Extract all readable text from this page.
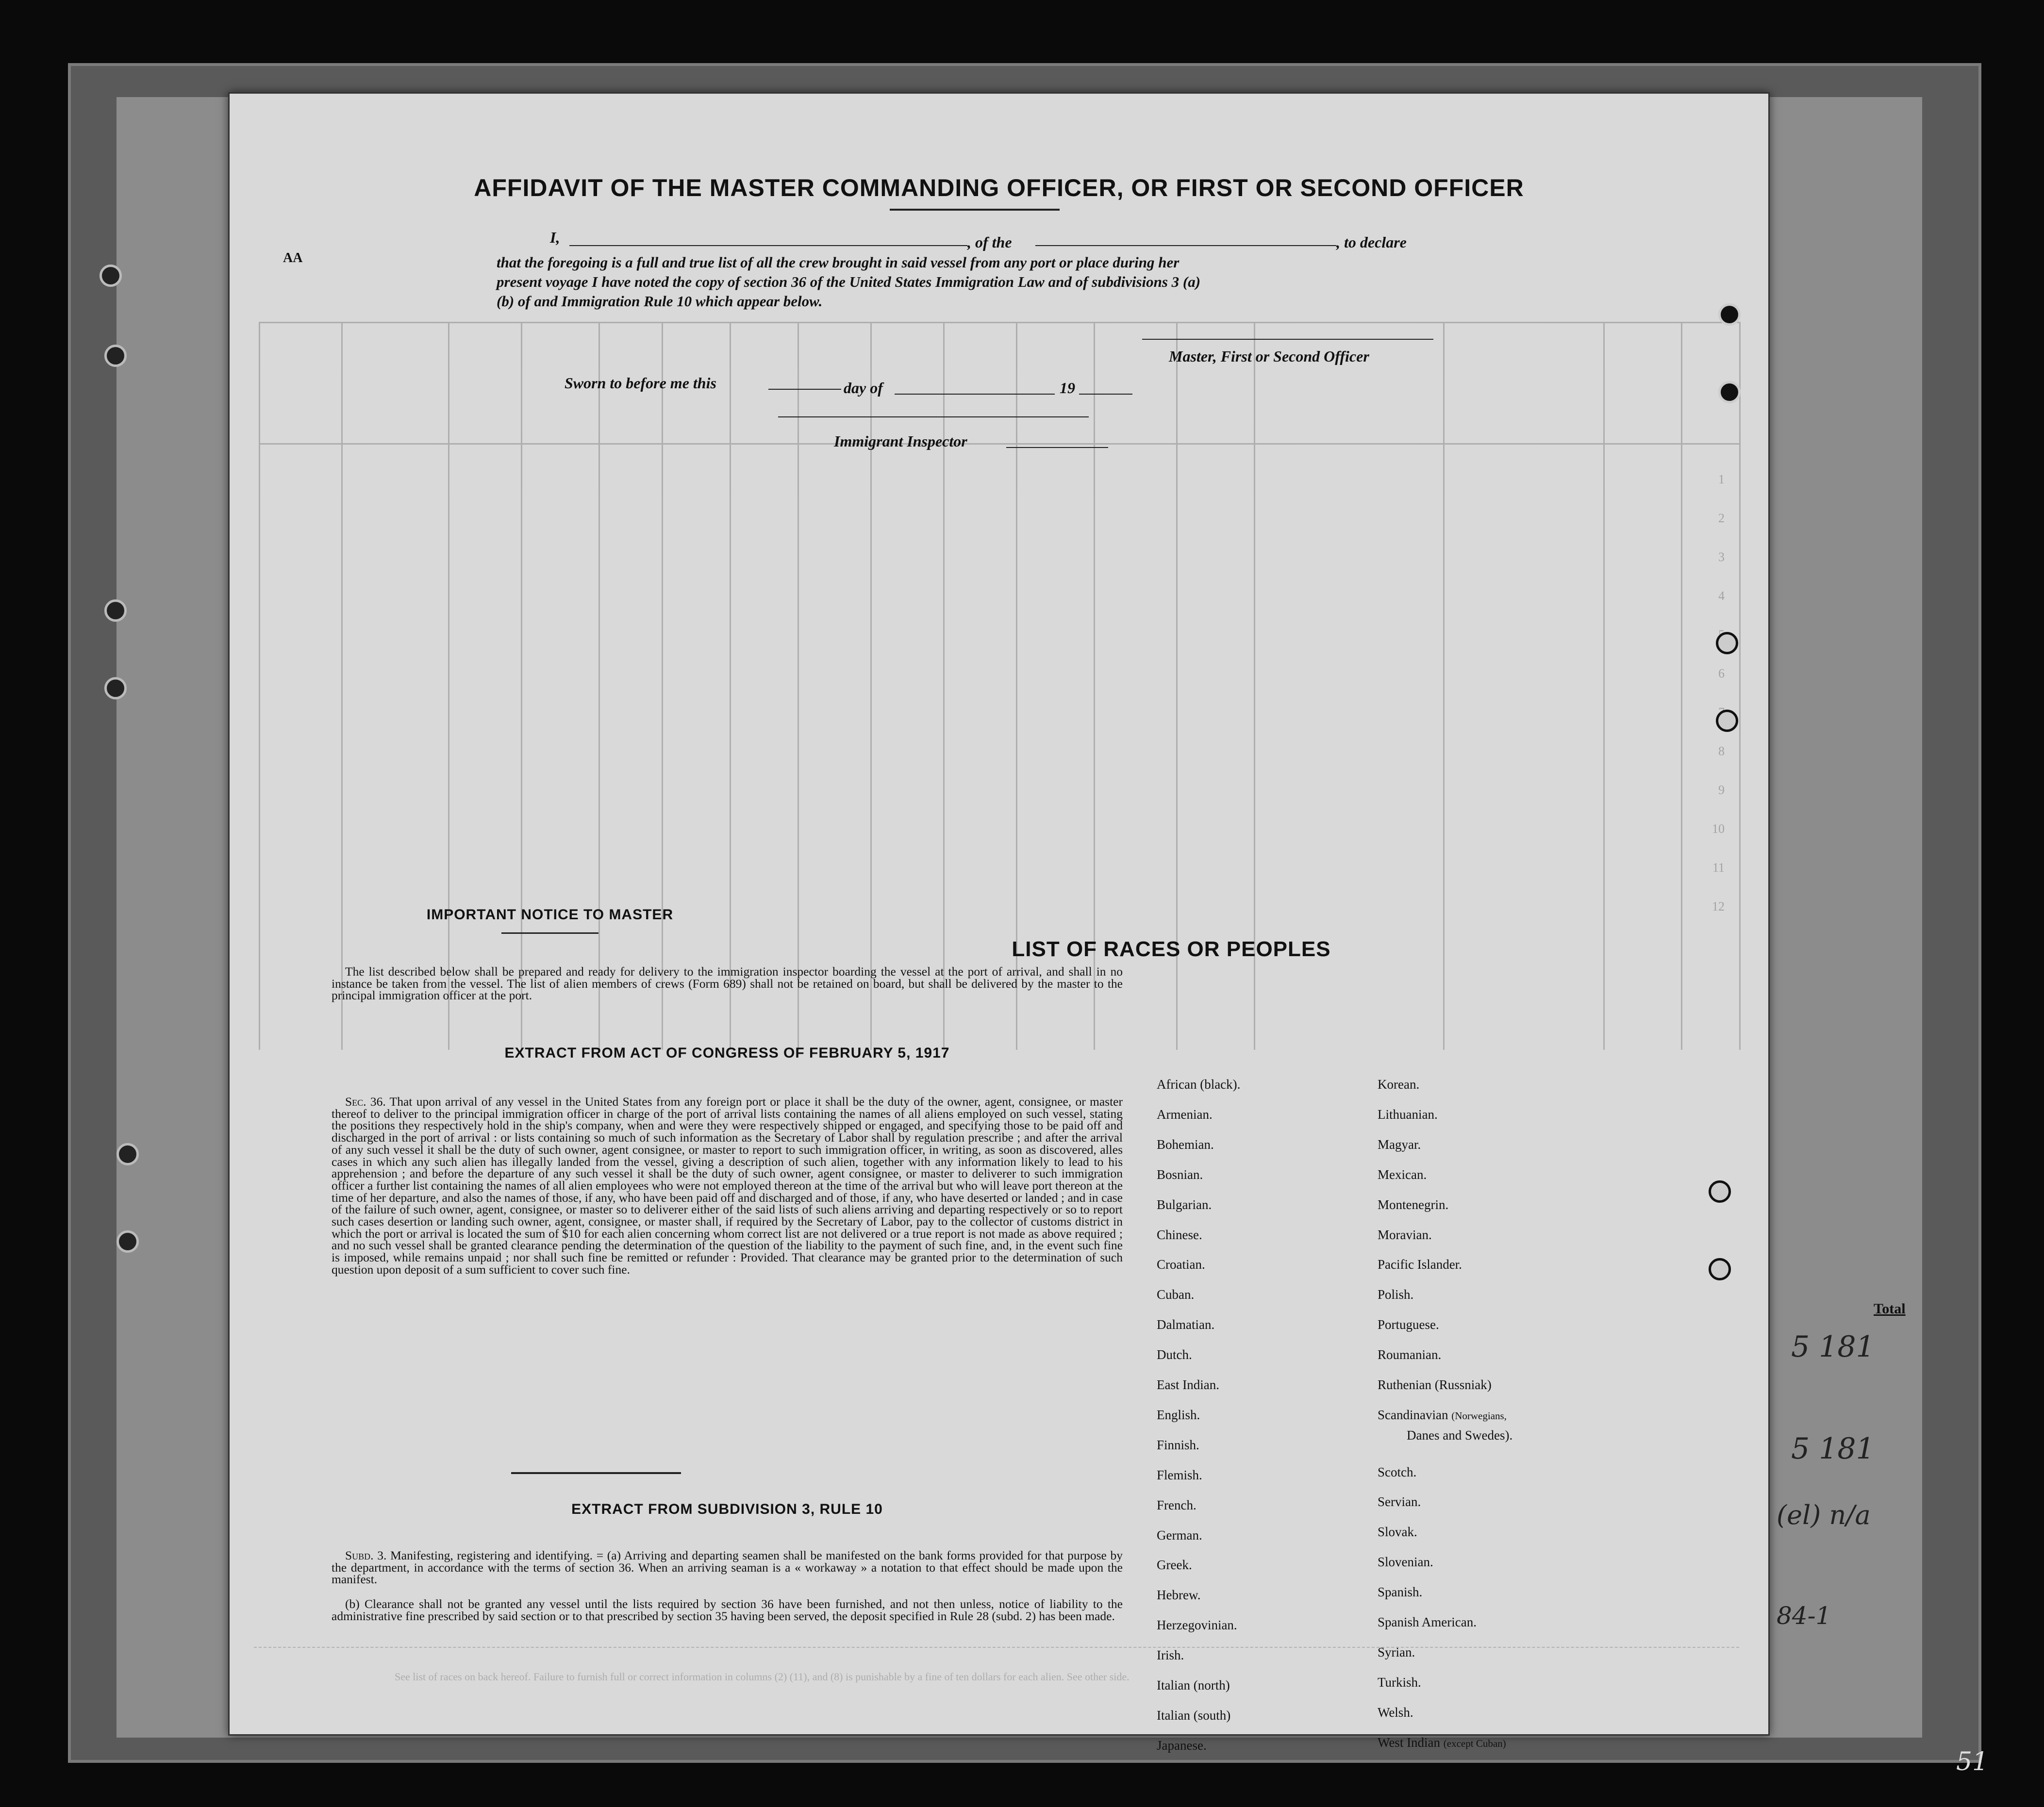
Total
5 181
5 181
(el) n/a
84-1
51
1
2
3
4
6
8
9
10
11
12
AFFIDAVIT OF THE MASTER COMMANDING OFFICER, OR FIRST OR SECOND OFFICER
AA
I,	, of the	, to declare
that the foregoing is a full and true list of all the crew brought in said vessel from any port or place during her
present voyage I have noted the copy of section 36 of the United States Immigration Law and of subdivisions 3 (a)
(b) of and Immigration Rule 10 which appear below.
Master, First or Second Officer
Sworn to before me this	day of	19
Immigrant Inspector
IMPORTANT NOTICE TO MASTER
The list described below shall be prepared and ready for delivery to the immigration inspector boarding the vessel at the port of arrival, and shall in no instance be taken from the vessel. The list of alien members of crews (Form 689) shall not be retained on board, but shall be delivered by the master to the principal immigration officer at the port.
EXTRACT FROM ACT OF CONGRESS OF FEBRUARY 5, 1917
Sec. 36. That upon arrival of any vessel in the United States from any foreign port or place it shall be the duty of the owner, agent, consignee, or master thereof to deliver to the principal immigration officer in charge of the port of arrival lists containing the names of all aliens employed on such vessel, stating the positions they respectively hold in the ship's company, when and were they were respectively shipped or engaged, and specifying those to be paid off and discharged in the port of arrival : or lists containing so much of such information as the Secretary of Labor shall by regulation prescribe ; and after the arrival of any such vessel it shall be the duty of such owner, agent consignee, or master to report to such immigration officer, in writing, as soon as discovered, alles cases in which any such alien has illegally landed from the vessel, giving a description of such alien, together with any information likely to lead to his apprehension ; and before the departure of any such vessel it shall be the duty of such owner, agent consignee, or master to deliverer to such immigration officer a further list containing the names of all alien employees who were not employed thereon at the time of the arrival but who will leave port thereon at the time of her departure, and also the names of those, if any, who have been paid off and discharged and of those, if any, who have deserted or landed ; and in case of the failure of such owner, agent, consignee, or master so to deliverer either of the said lists of such aliens arriving and departing respectively or so to report such cases desertion or landing such owner, agent, consignee, or master shall, if required by the Secretary of Labor, pay to the collector of customs district in which the port or arrival is located the sum of $10 for each alien concerning whom correct list are not delivered or a true report is not made as above required ; and no such vessel shall be granted clearance pending the determination of the question of the liability to the payment of such fine, and, in the event such fine is imposed, while remains unpaid ; nor shall such fine be remitted or refunder : Provided. That clearance may be granted prior to the determination of such question upon deposit of a sum sufficient to cover such fine.
EXTRACT FROM SUBDIVISION 3, RULE 10
Subd. 3. Manifesting, registering and identifying. = (a) Arriving and departing seamen shall be manifested on the bank forms provided for that purpose by the department, in accordance with the terms of section 36. When an arriving seaman is a « workaway » a notation to that effect should be made upon the manifest.
(b) Clearance shall not be granted any vessel until the lists required by section 36 have been furnished, and not then unless, notice of liability to the administrative fine prescribed by said section or to that prescribed by section 35 having been served, the deposit specified in Rule 28 (subd. 2) has been made.
LIST OF RACES OR PEOPLES
See list of races on back hereof. Failure to furnish full or correct information in columns (2) (11), and (8) is punishable by a fine of ten dollars for each alien. See other side.
African (black).
Armenian.
Bohemian.
Bosnian.
Bulgarian.
Chinese.
Croatian.
Cuban.
Dalmatian.
Dutch.
East Indian.
English.
Finnish.
Flemish.
French.
German.
Greek.
Hebrew.
Herzegovinian.
Irish.
Italian (north)
Italian (south)
Japanese.
Korean.
Lithuanian.
Magyar.
Mexican.
Montenegrin.
Moravian.
Pacific Islander.
Polish.
Portuguese.
Roumanian.
Ruthenian (Russniak)
Danes and Swedes).
Scandinavian (Norwegians,
Scotch.
Servian.
Slovak.
Slovenian.
Spanish.
Spanish American.
Syrian.
Turkish.
Welsh.
West Indian (except Cuban)
